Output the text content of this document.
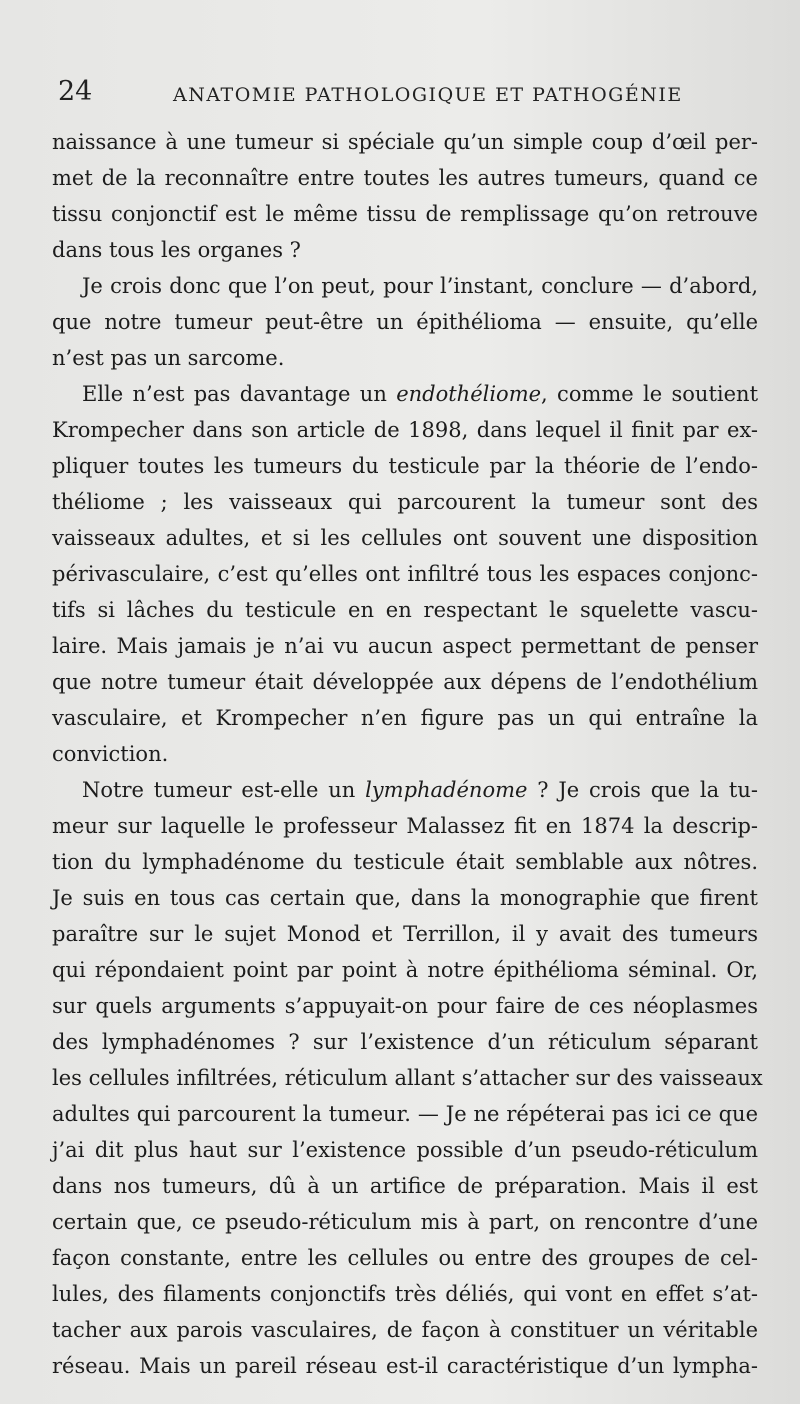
24	ANATOMIE PATHOLOGIQUE ET PATHOGÉNIE
naissance à une tumeur si spéciale qu’un simple coup d’œil per-
met de la reconnaître entre toutes les autres tumeurs, quand ce
tissu conjonctif est le même tissu de remplissage qu’on retrouve
dans tous les organes ?
Je crois donc que l’on peut, pour l’instant, conclure — d’abord,
que notre tumeur peut-être un épithélioma — ensuite, qu’elle
n’est pas un sarcome.
Elle n’est pas davantage un endothéliome, comme le soutient
Krompecher dans son article de 1898, dans lequel il finit par ex-
pliquer toutes les tumeurs du testicule par la théorie de l’endo-
théliome ; les vaisseaux qui parcourent la tumeur sont des
vaisseaux adultes, et si les cellules ont souvent une disposition
périvasculaire, c’est qu’elles ont infiltré tous les espaces conjonc-
tifs si lâches du testicule en en respectant le squelette vascu-
laire. Mais jamais je n’ai vu aucun aspect permettant de penser
que notre tumeur était développée aux dépens de l’endothélium
vasculaire, et Krompecher n’en figure pas un qui entraîne la
conviction.
Notre tumeur est-elle un lymphadénome ? Je crois que la tu-
meur sur laquelle le professeur Malassez fit en 1874 la descrip-
tion du lymphadénome du testicule était semblable aux nôtres.
Je suis en tous cas certain que, dans la monographie que firent
paraître sur le sujet Monod et Terrillon, il y avait des tumeurs
qui répondaient point par point à notre épithélioma séminal. Or,
sur quels arguments s’appuyait-on pour faire de ces néoplasmes
des lymphadénomes ? sur l’existence d’un réticulum séparant
les cellules infiltrées, réticulum allant s’attacher sur des vaisseaux
adultes qui parcourent la tumeur. — Je ne répéterai pas ici ce que
j’ai dit plus haut sur l’existence possible d’un pseudo-réticulum
dans nos tumeurs, dû à un artifice de préparation. Mais il est
certain que, ce pseudo-réticulum mis à part, on rencontre d’une
façon constante, entre les cellules ou entre des groupes de cel-
lules, des filaments conjonctifs très déliés, qui vont en effet s’at-
tacher aux parois vasculaires, de façon à constituer un véritable
réseau. Mais un pareil réseau est-il caractéristique d’un lympha-
